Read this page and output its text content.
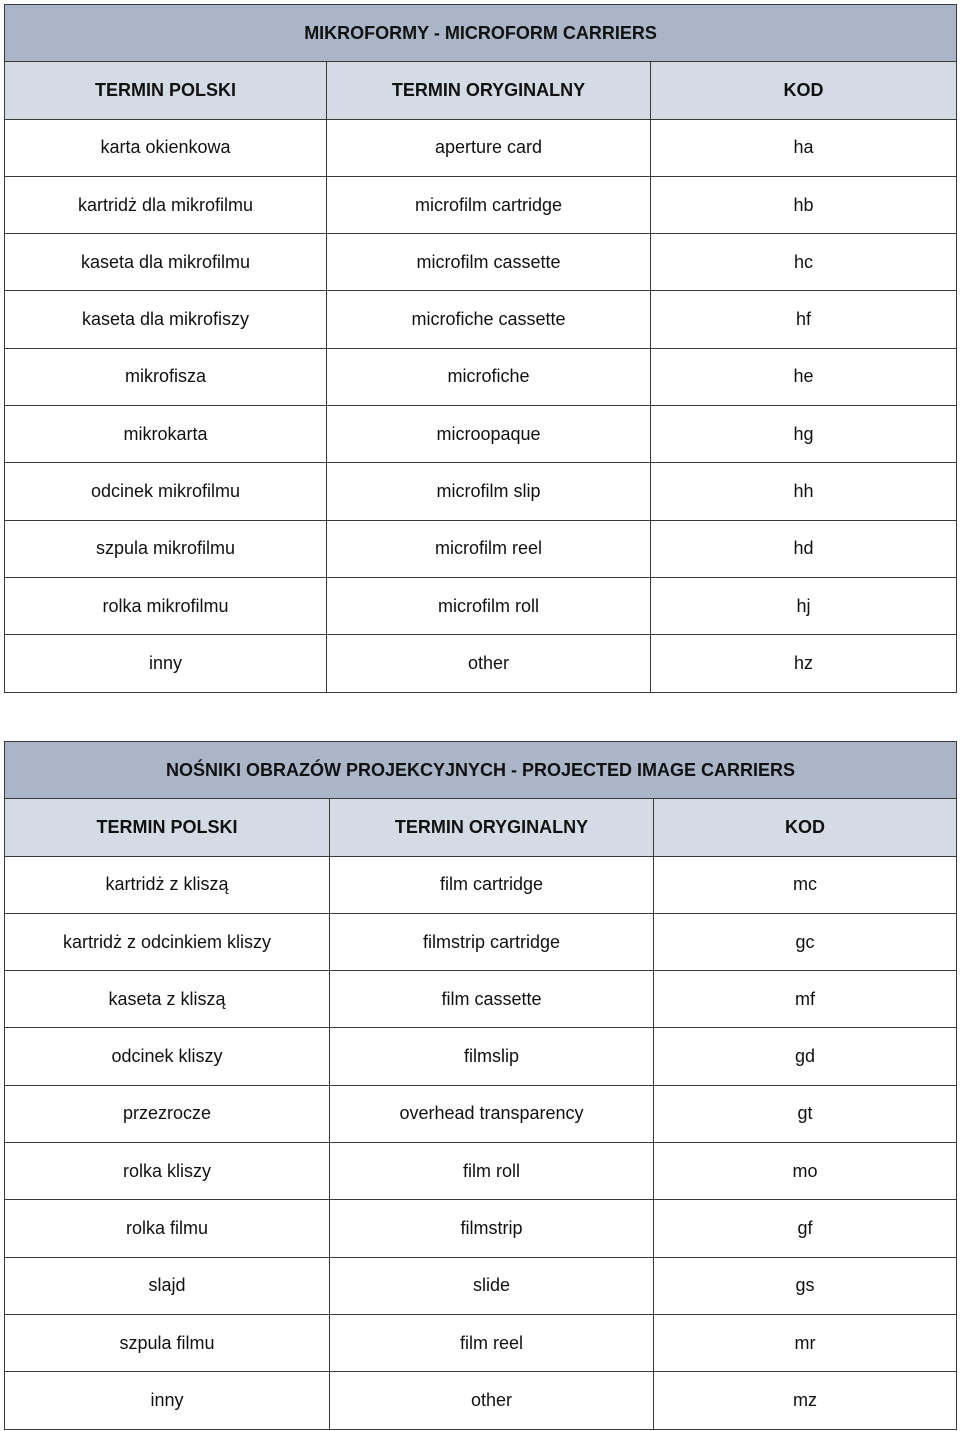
MIKROFORMY - MICROFORM CARRIERS		
TERMIN POLSKI	TERMIN ORYGINALNY	KOD
karta okienkowa	aperture card	ha
kartridż dla mikrofilmu	microfilm cartridge	hb
kaseta dla mikrofilmu	microfilm cassette	hc
kaseta dla mikrofiszy	microfiche cassette	hf
mikrofisza	microfiche	he
mikrokarta	microopaque	hg
odcinek mikrofilmu	microfilm slip	hh
szpula mikrofilmu	microfilm reel	hd
rolka mikrofilmu	microfilm roll	hj
inny	other	hz
NOŚNIKI OBRAZÓW PROJEKCYJNYCH - PROJECTED IMAGE CARRIERS		
TERMIN POLSKI	TERMIN ORYGINALNY	KOD
kartridż z kliszą	film cartridge	mc
kartridż z odcinkiem kliszy	filmstrip cartridge	gc
kaseta z kliszą	film cassette	mf
odcinek kliszy	filmslip	gd
przezrocze	overhead transparency	gt
rolka kliszy	film roll	mo
rolka filmu	filmstrip	gf
slajd	slide	gs
szpula filmu	film reel	mr
inny	other	mz
